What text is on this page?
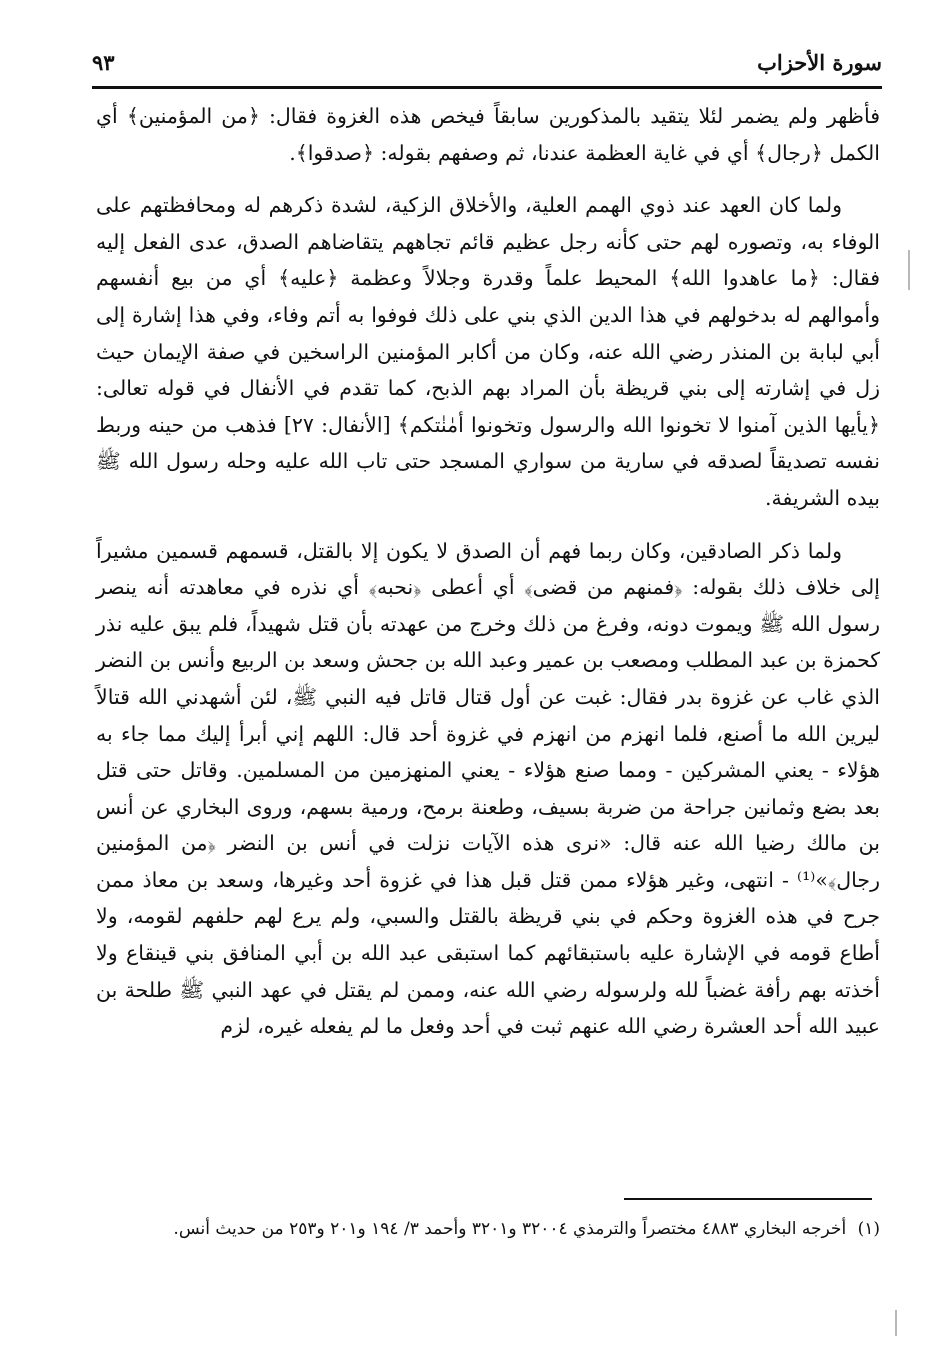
سورة الأحزاب
٩٣

فأظهر ولم يضمر لئلا يتقيد بالمذكورين سابقاً فيخص هذه الغزوة فقال: ﴿من المؤمنين﴾ أي الكمل ﴿رجال﴾ أي في غاية العظمة عندنا، ثم وصفهم بقوله: ﴿صدقوا﴾.

ولما كان العهد عند ذوي الهمم العلية، والأخلاق الزكية، لشدة ذكرهم له ومحافظتهم على الوفاء به، وتصوره لهم حتى كأنه رجل عظيم قائم تجاههم يتقاضاهم الصدق، عدى الفعل إليه فقال: ﴿ما عاهدوا الله﴾ المحيط علماً وقدرة وجلالاً وعظمة ﴿عليه﴾ أي من بيع أنفسهم وأموالهم له بدخولهم في هذا الدين الذي بني على ذلك فوفوا به أتم وفاء، وفي هذا إشارة إلى أبي لبابة بن المنذر رضي الله عنه، وكان من أكابر المؤمنين الراسخين في صفة الإيمان حيث زل في إشارته إلى بني قريظة بأن المراد بهم الذبح، كما تقدم في الأنفال في قوله تعالى: ﴿يأيها الذين آمنوا لا تخونوا الله والرسول وتخونوا أمٰنٰتكم﴾ [الأنفال: ٢٧] فذهب من حينه وربط نفسه تصديقاً لصدقه في سارية من سواري المسجد حتى تاب الله عليه وحله رسول الله ﷺ بيده الشريفة.

ولما ذكر الصادقين، وكان ربما فهم أن الصدق لا يكون إلا بالقتل، قسمهم قسمين مشيراً إلى خلاف ذلك بقوله: ﴿فمنهم من قضى﴾ أي أعطى ﴿نحبه﴾ أي نذره في معاهدته أنه ينصر رسول الله ﷺ ويموت دونه، وفرغ من ذلك وخرج من عهدته بأن قتل شهيداً، فلم يبق عليه نذر كحمزة بن عبد المطلب ومصعب بن عمير وعبد الله بن جحش وسعد بن الربيع وأنس بن النضر الذي غاب عن غزوة بدر فقال: غبت عن أول قتال قاتل فيه النبي ﷺ، لئن أشهدني الله قتالاً ليرين الله ما أصنع، فلما انهزم من انهزم في غزوة أحد قال: اللهم إني أبرأ إليك مما جاء به هؤلاء - يعني المشركين - ومما صنع هؤلاء - يعني المنهزمين من المسلمين. وقاتل حتى قتل بعد بضع وثمانين جراحة من ضربة بسيف، وطعنة برمح، ورمية بسهم، وروى البخاري عن أنس بن مالك رضيا الله عنه قال: «نرى هذه الآيات نزلت في أنس بن النضر ﴿من المؤمنين رجال﴾»⁽¹⁾ - انتهى، وغير هؤلاء ممن قتل قبل هذا في غزوة أحد وغيرها، وسعد بن معاذ ممن جرح في هذه الغزوة وحكم في بني قريظة بالقتل والسبي، ولم يرع لهم حلفهم لقومه، ولا أطاع قومه في الإشارة عليه باستبقائهم كما استبقى عبد الله بن أبي المنافق بني قينقاع ولا أخذته بهم رأفة غضباً لله ولرسوله رضي الله عنه، وممن لم يقتل في عهد النبي ﷺ طلحة بن عبيد الله أحد العشرة رضي الله عنهم ثبت في أحد وفعل ما لم يفعله غيره، لزم

(١) أخرجه البخاري ٤٨٨٣ مختصراً والترمذي ٣٢٠٠٤ و٣٢٠١ وأحمد ٣/ ١٩٤ و٢٠١ و٢٥٣ من حديث أنس.
